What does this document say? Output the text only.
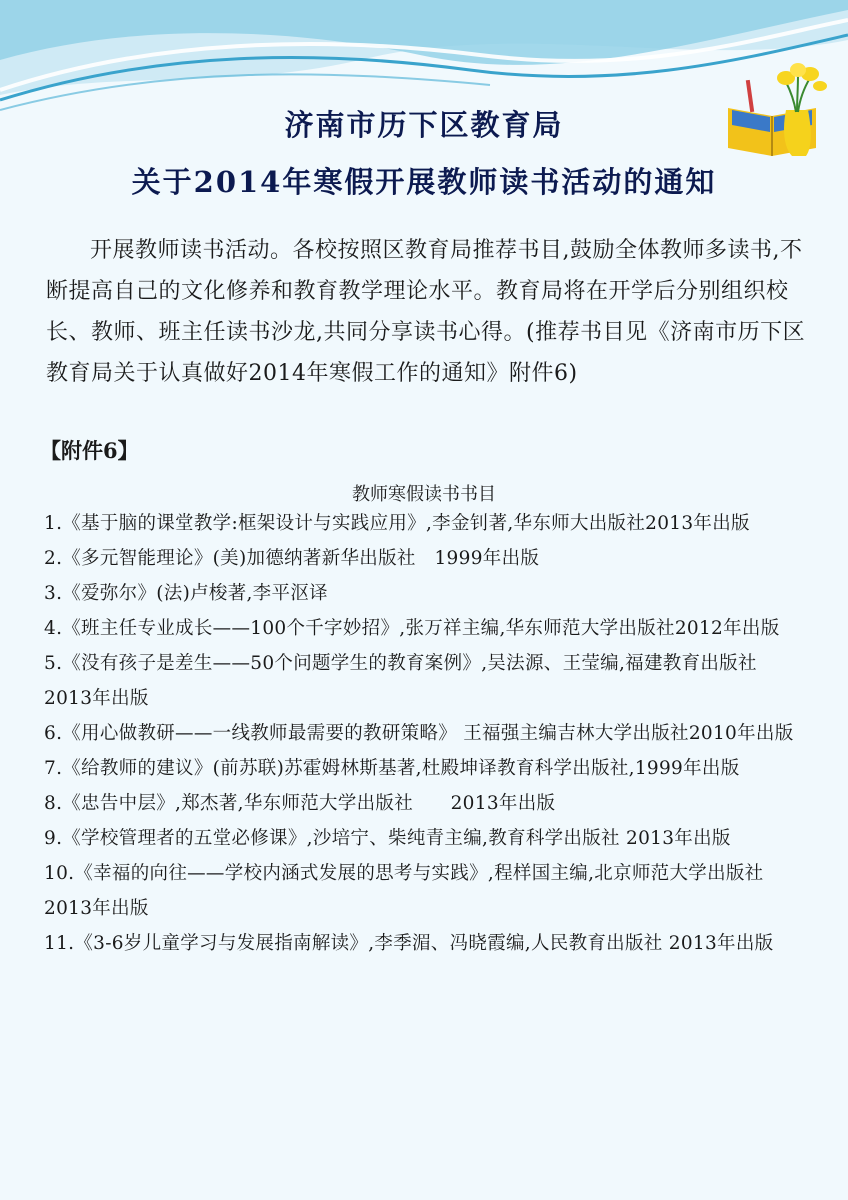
济南市历下区教育局
关于2014年寒假开展教师读书活动的通知
开展教师读书活动。各校按照区教育局推荐书目,鼓励全体教师多读书,不断提高自己的文化修养和教育教学理论水平。教育局将在开学后分别组织校长、教师、班主任读书沙龙,共同分享读书心得。(推荐书目见《济南市历下区教育局关于认真做好2014年寒假工作的通知》附件6)
【附件6】
教师寒假读书书目
1.《基于脑的课堂教学:框架设计与实践应用》,李金钊著,华东师大出版社2013年出版
2.《多元智能理论》(美)加德纳著新华出版社　1999年出版
3.《爱弥尔》(法)卢梭著,李平沤译
4.《班主任专业成长——100个千字妙招》,张万祥主编,华东师范大学出版社2012年出版
5.《没有孩子是差生——50个问题学生的教育案例》,吴法源、王莹编,福建教育出版社 2013年出版
6.《用心做教研——一线教师最需要的教研策略》 王福强主编吉林大学出版社2010年出版
7.《给教师的建议》(前苏联)苏霍姆林斯基著,杜殿坤译教育科学出版社,1999年出版
8.《忠告中层》,郑杰著,华东师范大学出版社　　2013年出版
9.《学校管理者的五堂必修课》,沙培宁、柴纯青主编,教育科学出版社 2013年出版
10.《幸福的向往——学校内涵式发展的思考与实践》,程样国主编,北京师范大学出版社 2013年出版
11.《3-6岁儿童学习与发展指南解读》,李季湄、冯晓霞编,人民教育出版社 2013年出版
